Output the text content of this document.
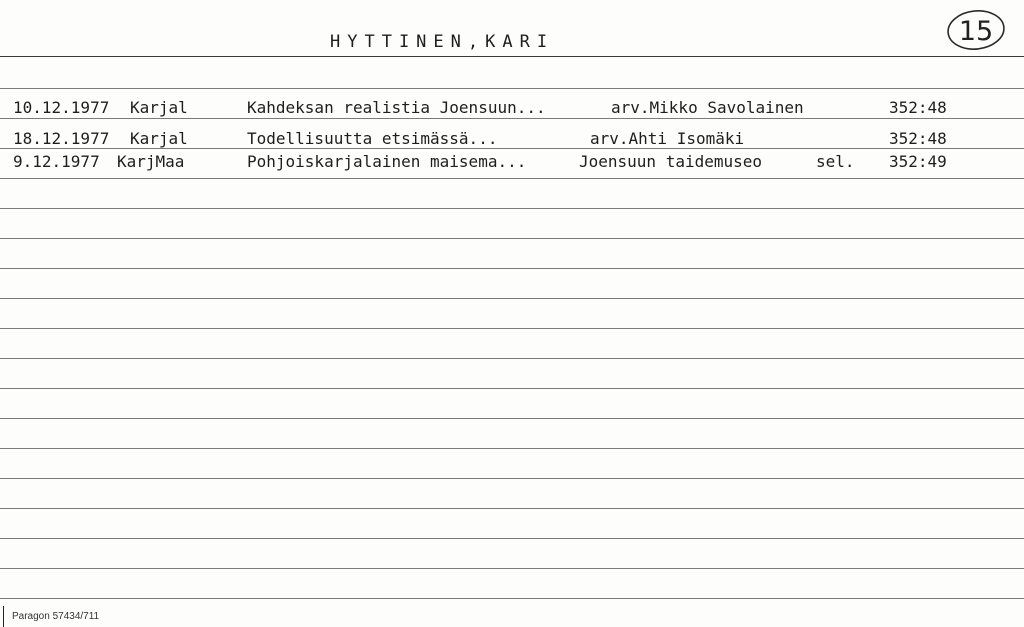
HYTTINEN,KARI	15
10.12.1977 Karjal	Kahdeksan realistia Joensuun...	arv.Mikko Savolainen	352:48
18.12.1977 Karjal	Todellisuutta etsimässä...	arv.Ahti Isomäki	352:48
9.12.1977 KarjMaa	Pohjoiskarjalainen maisema...	Joensuun taidemuseo	sel. 352:49
Paragon 57434/711
